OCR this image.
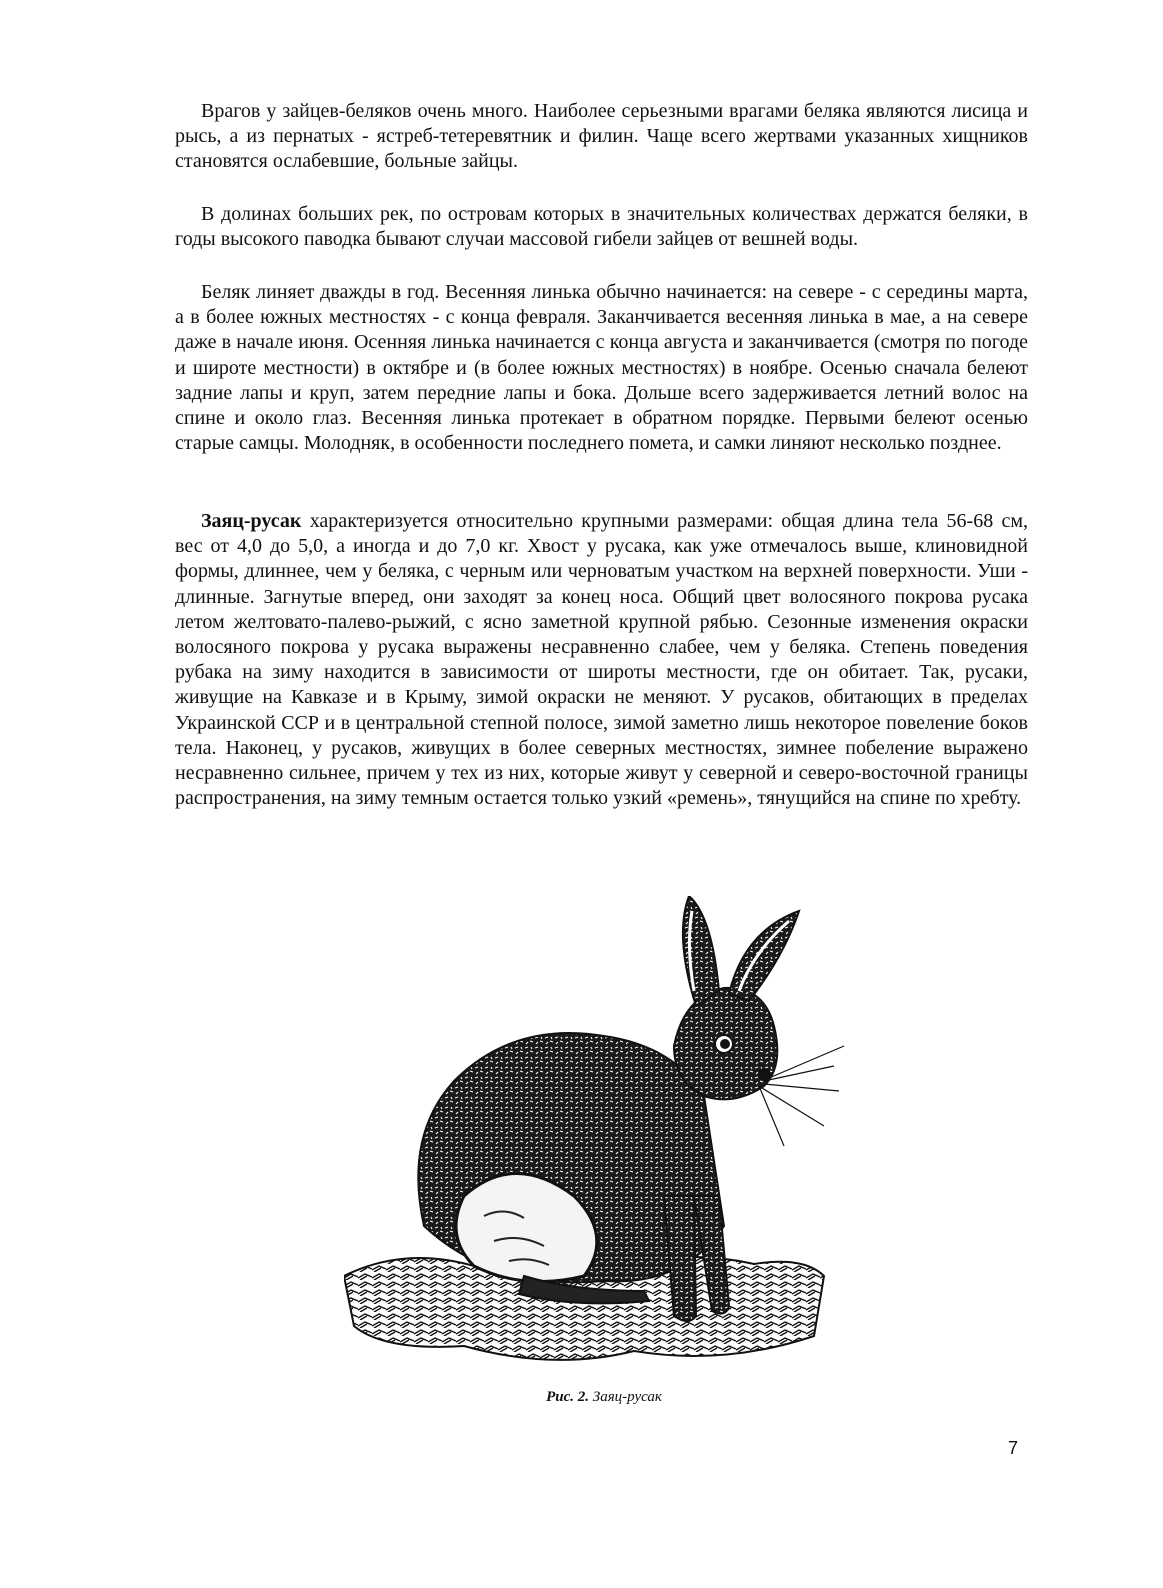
Врагов у зайцев-беляков очень много. Наиболее серьезными врагами беляка являются лисица и рысь, а из пернатых - ястреб-тетеревятник и филин. Чаще всего жертвами указанных хищников становятся ослабевшие, больные зайцы.

В долинах больших рек, по островам которых в значительных количествах держатся беляки, в годы высокого паводка бывают случаи массовой гибели зайцев от вешней воды.

Беляк линяет дважды в год. Весенняя линька обычно начинается: на севере - с середины марта, а в более южных местностях - с конца февраля. Заканчивается весенняя линька в мае, а на севере даже в начале июня. Осенняя линька начинается с конца августа и заканчивается (смотря по погоде и широте местности) в октябре и (в более южных местностях) в ноябре. Осенью сначала белеют задние лапы и круп, затем передние лапы и бока. Дольше всего задерживается летний волос на спине и около глаз. Весенняя линька протекает в обратном порядке. Первыми белеют осенью старые самцы. Молодняк, в особенности последнего помета, и самки линяют несколько позднее.

Заяц-русак характеризуется относительно крупными размерами: общая длина тела 56-68 см, вес от 4,0 до 5,0, а иногда и до 7,0 кг. Хвост у русака, как уже отмечалось выше, клиновидной формы, длиннее, чем у беляка, с черным или черноватым участком на верхней поверхности. Уши - длинные. Загнутые вперед, они заходят за конец носа. Общий цвет волосяного покрова русака летом желтовато-палево-рыжий, с ясно заметной крупной рябью. Сезонные изменения окраски волосяного покрова у русака выражены несравненно слабее, чем у беляка. Степень поведения рубака на зиму находится в зависимости от широты местности, где он обитает. Так, русаки, живущие на Кавказе и в Крыму, зимой окраски не меняют. У русаков, обитающих в пределах Украинской ССР и в центральной степной полосе, зимой заметно лишь некоторое повеление боков тела. Наконец, у русаков, живущих в более северных местностях, зимнее побеление выражено несравненно сильнее, причем у тех из них, которые живут у северной и северо-восточной границы распространения, на зиму темным остается только узкий «ремень», тянущийся на спине по хребту.

Рис. 2. Заяц-русак
7
